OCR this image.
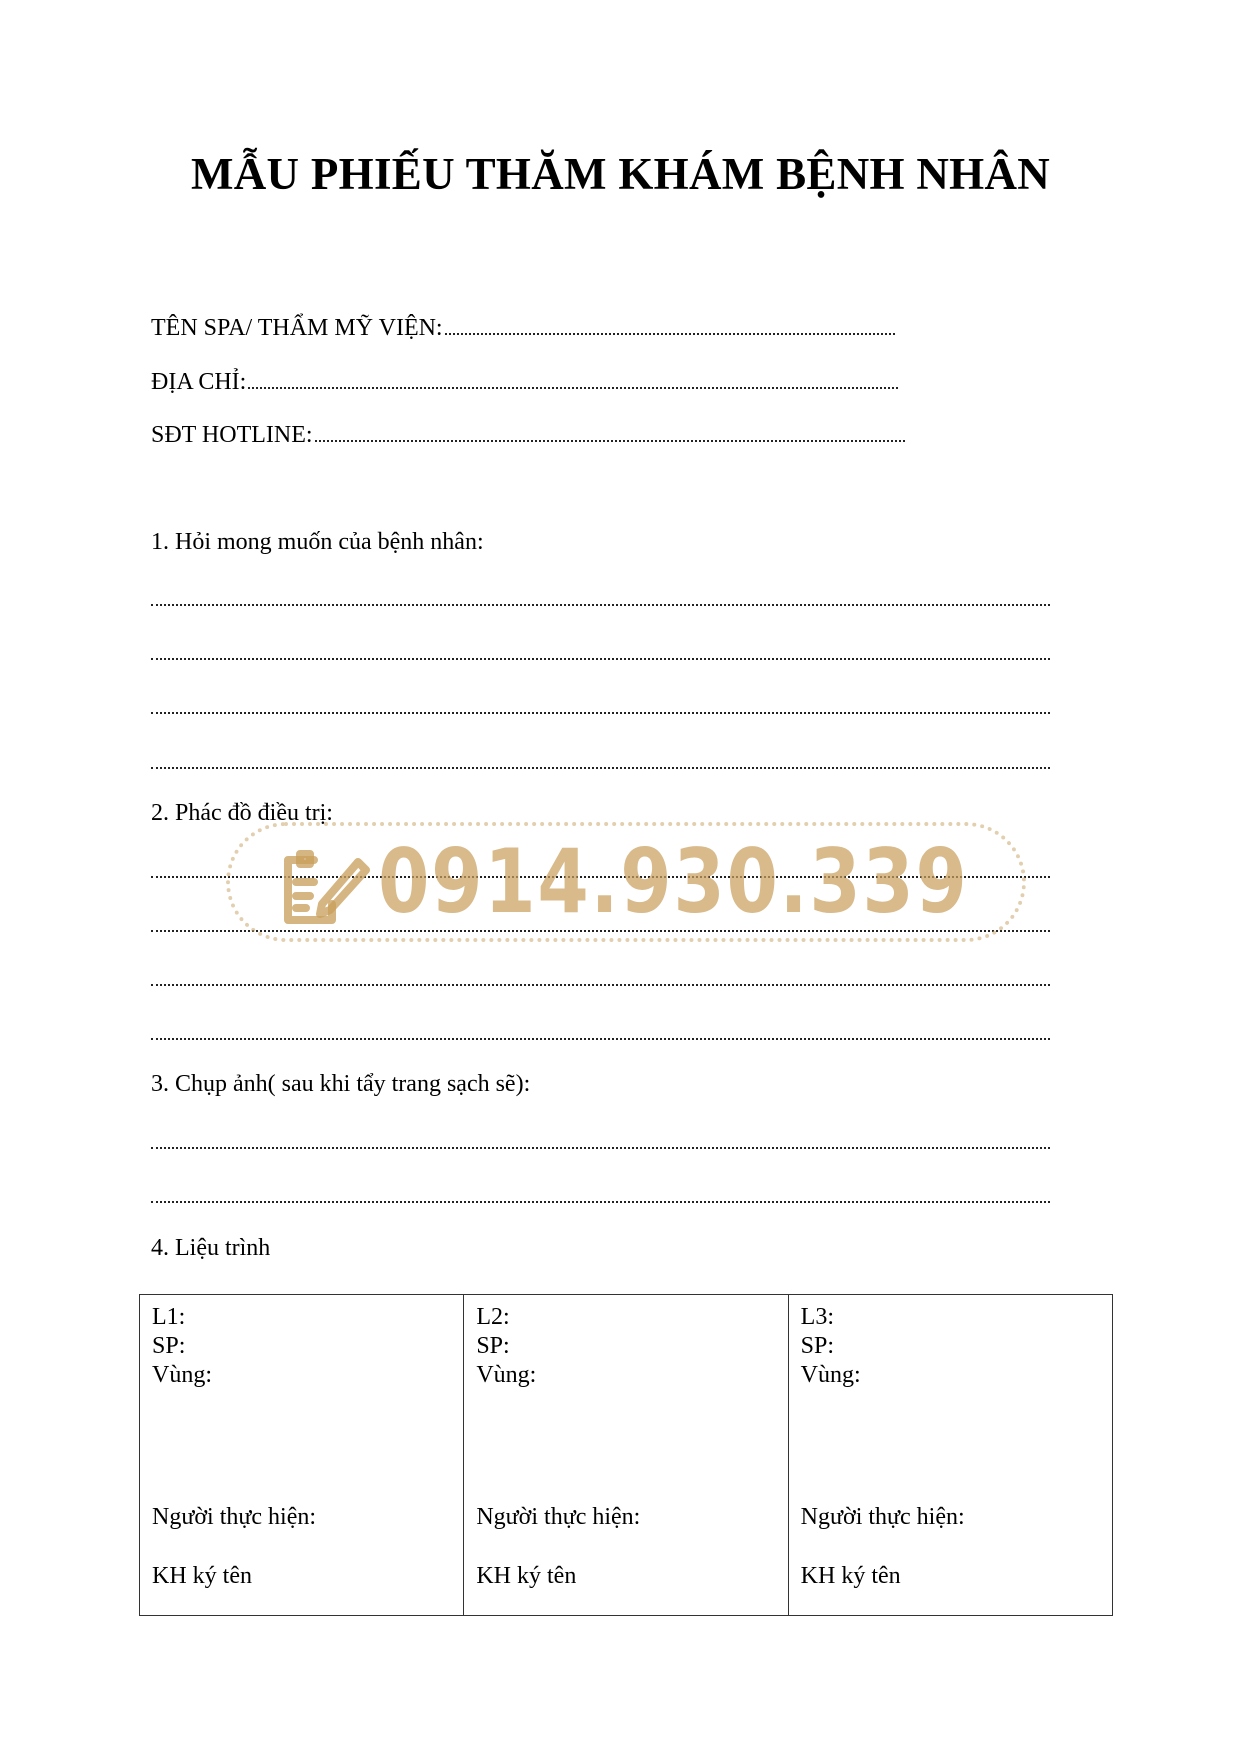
MẪU PHIẾU THĂM KHÁM BỆNH NHÂN
TÊN SPA/ THẨM MỸ VIỆN:
ĐỊA CHỈ:
SĐT HOTLINE:
1. Hỏi mong muốn của bệnh nhân:
2. Phác đồ điều trị:
3. Chụp ảnh( sau khi tẩy trang sạch sẽ):
4. Liệu trình
L1:
SP:
Vùng:
Người thực hiện:
KH ký tên

L2:
SP:
Vùng:
Người thực hiện:
KH ký tên

L3:
SP:
Vùng:
Người thực hiện:
KH ký tên
0914.930.339
